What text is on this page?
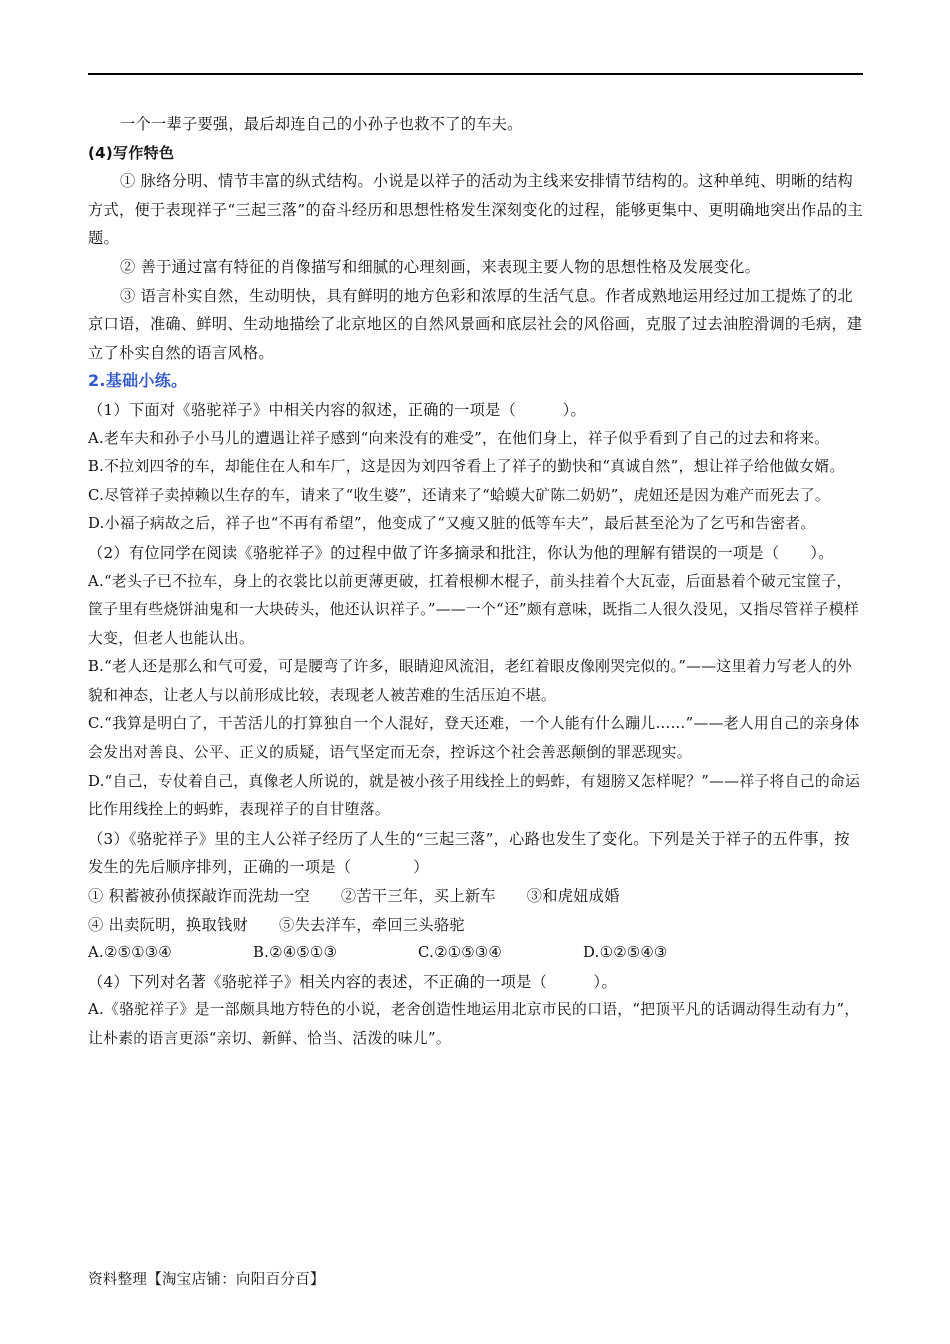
一个一辈子要强，最后却连自己的小孙子也救不了的车夫。

(4)写作特色

① 脉络分明、情节丰富的纵式结构。小说是以祥子的活动为主线来安排情节结构的。这种单纯、明晰的结构方式，便于表现祥子“三起三落”的奋斗经历和思想性格发生深刻变化的过程，能够更集中、更明确地突出作品的主题。

② 善于通过富有特征的肖像描写和细腻的心理刻画，来表现主要人物的思想性格及发展变化。

③ 语言朴实自然，生动明快，具有鲜明的地方色彩和浓厚的生活气息。作者成熟地运用经过加工提炼了的北京口语，准确、鲜明、生动地描绘了北京地区的自然风景画和底层社会的风俗画，克服了过去油腔滑调的毛病，建立了朴实自然的语言风格。

2.基础小练。

（1）下面对《骆驼祥子》中相关内容的叙述，正确的一项是（　　　）。

A.老车夫和孙子小马儿的遭遇让祥子感到“向来没有的难受”，在他们身上，祥子似乎看到了自己的过去和将来。

B.不拉刘四爷的车，却能住在人和车厂，这是因为刘四爷看上了祥子的勤快和“真诚自然”，想让祥子给他做女婿。

C.尽管祥子卖掉赖以生存的车，请来了“收生婆”，还请来了“蛤蟆大矿陈二奶奶”，虎妞还是因为难产而死去了。

D.小福子病故之后，祥子也“不再有希望”，他变成了“又瘦又脏的低等车夫”，最后甚至沦为了乞丐和告密者。

（2）有位同学在阅读《骆驼祥子》的过程中做了许多摘录和批注，你认为他的理解有错误的一项是（　　）。

A.“老头子已不拉车，身上的衣裳比以前更薄更破，扛着根柳木棍子，前头挂着个大瓦壶，后面悬着个破元宝筐子，筐子里有些烧饼油鬼和一大块砖头，他还认识祥子。”——一个“还”颇有意味，既指二人很久没见，又指尽管祥子模样大变，但老人也能认出。

B.“老人还是那么和气可爱，可是腰弯了许多，眼睛迎风流泪，老红着眼皮像刚哭完似的。”——这里着力写老人的外貌和神态，让老人与以前形成比较，表现老人被苦难的生活压迫不堪。

C.“我算是明白了，干苦活儿的打算独自一个人混好，登天还难，一个人能有什么蹦儿……”——老人用自己的亲身体会发出对善良、公平、正义的质疑，语气坚定而无奈，控诉这个社会善恶颠倒的罪恶现实。

D.“自己，专仗着自己，真像老人所说的，就是被小孩子用线拴上的蚂蚱，有翅膀又怎样呢？”——祥子将自己的命运比作用线拴上的蚂蚱，表现祥子的自甘堕落。

（3）《骆驼祥子》里的主人公祥子经历了人生的“三起三落”，心路也发生了变化。下列是关于祥子的五件事，按发生的先后顺序排列，正确的一项是（　　　　）

① 积蓄被孙侦探敲诈而洗劫一空　　②苦干三年，买上新车　　③和虎妞成婚

④ 出卖阮明，换取钱财　　⑤失去洋车，牵回三头骆驼

A.②⑤①③④	B.②④⑤①③	C.②①⑤③④	D.①②⑤④③

（4）下列对名著《骆驼祥子》相关内容的表述，不正确的一项是（　　　）。

A.《骆驼祥子》是一部颇具地方特色的小说，老舍创造性地运用北京市民的口语，“把顶平凡的话调动得生动有力”，让朴素的语言更添“亲切、新鲜、恰当、活泼的味儿”。

资料整理【淘宝店铺：向阳百分百】
